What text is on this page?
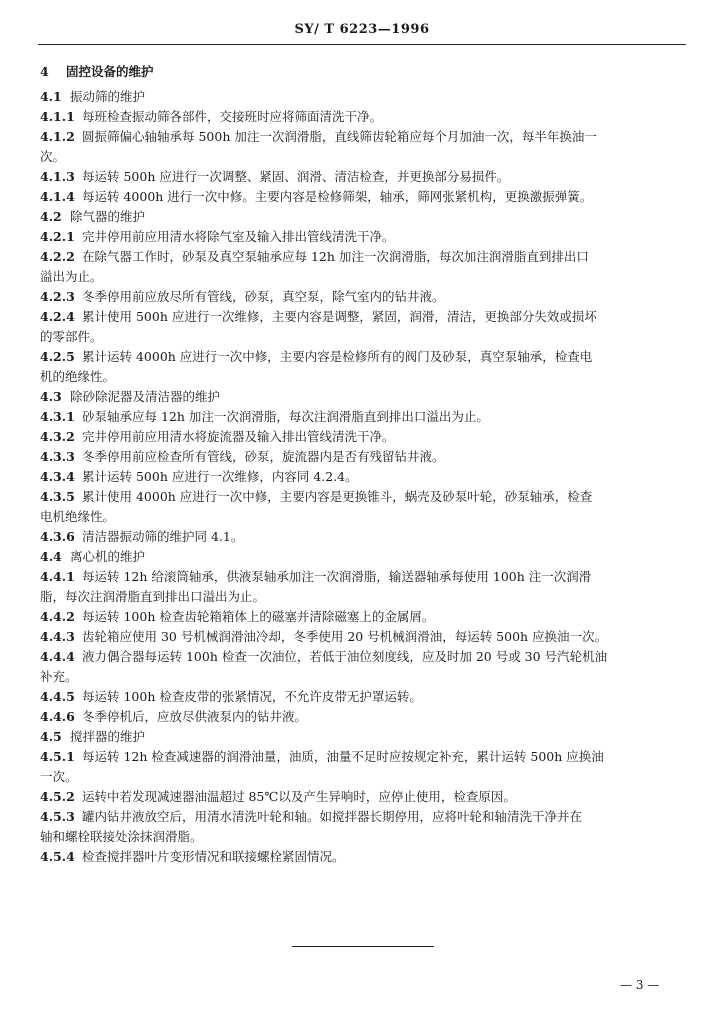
SY/ T 6223—1996
4 固控设备的维护
4.1 振动筛的维护
4.1.1 每班检查振动筛各部件，交接班时应将筛面清洗干净。
4.1.2 圆振筛偏心轴轴承每 500h 加注一次润滑脂，直线筛齿轮箱应每个月加油一次，每半年换油一
次。
4.1.3 每运转 500h 应进行一次调整、紧固、润滑、清洁检查，并更换部分易损件。
4.1.4 每运转 4000h 进行一次中修。主要内容是检修筛架，轴承，筛网张紧机构，更换激振弹簧。
4.2 除气器的维护
4.2.1 完井停用前应用清水将除气室及输入排出管线清洗干净。
4.2.2 在除气器工作时，砂泵及真空泵轴承应每 12h 加注一次润滑脂，每次加注润滑脂直到排出口
溢出为止。
4.2.3 冬季停用前应放尽所有管线，砂泵，真空泵，除气室内的钻井液。
4.2.4 累计使用 500h 应进行一次维修，主要内容是调整，紧固，润滑，清洁，更换部分失效或损坏
的零部件。
4.2.5 累计运转 4000h 应进行一次中修，主要内容是检修所有的阀门及砂泵，真空泵轴承，检查电
机的绝缘性。
4.3 除砂除泥器及清洁器的维护
4.3.1 砂泵轴承应每 12h 加注一次润滑脂，每次注润滑脂直到排出口溢出为止。
4.3.2 完井停用前应用清水将旋流器及输入排出管线清洗干净。
4.3.3 冬季停用前应检查所有管线，砂泵，旋流器内是否有残留钻井液。
4.3.4 累计运转 500h 应进行一次维修，内容同 4.2.4。
4.3.5 累计使用 4000h 应进行一次中修，主要内容是更换锥斗，蜗壳及砂泵叶轮，砂泵轴承，检查
电机绝缘性。
4.3.6 清洁器振动筛的维护同 4.1。
4.4 离心机的维护
4.4.1 每运转 12h 给滚筒轴承，供液泵轴承加注一次润滑脂，输送器轴承每使用 100h 注一次润滑
脂，每次注润滑脂直到排出口溢出为止。
4.4.2 每运转 100h 检查齿轮箱箱体上的磁塞并清除磁塞上的金属屑。
4.4.3 齿轮箱应使用 30 号机械润滑油冷却，冬季使用 20 号机械润滑油，每运转 500h 应换油一次。
4.4.4 液力偶合器每运转 100h 检查一次油位，若低于油位刻度线，应及时加 20 号或 30 号汽轮机油
补充。
4.4.5 每运转 100h 检查皮带的张紧情况，不允许皮带无护罩运转。
4.4.6 冬季停机后，应放尽供液泵内的钻井液。
4.5 搅拌器的维护
4.5.1 每运转 12h 检查减速器的润滑油量，油质，油量不足时应按规定补充，累计运转 500h 应换油
一次。
4.5.2 运转中若发现减速器油温超过 85℃以及产生异响时，应停止使用，检查原因。
4.5.3 罐内钻井液放空后，用清水清洗叶轮和轴。如搅拌器长期停用，应将叶轮和轴清洗干净并在
轴和螺栓联接处涂抹润滑脂。
4.5.4 检查搅拌器叶片变形情况和联接螺栓紧固情况。
— 3 —
